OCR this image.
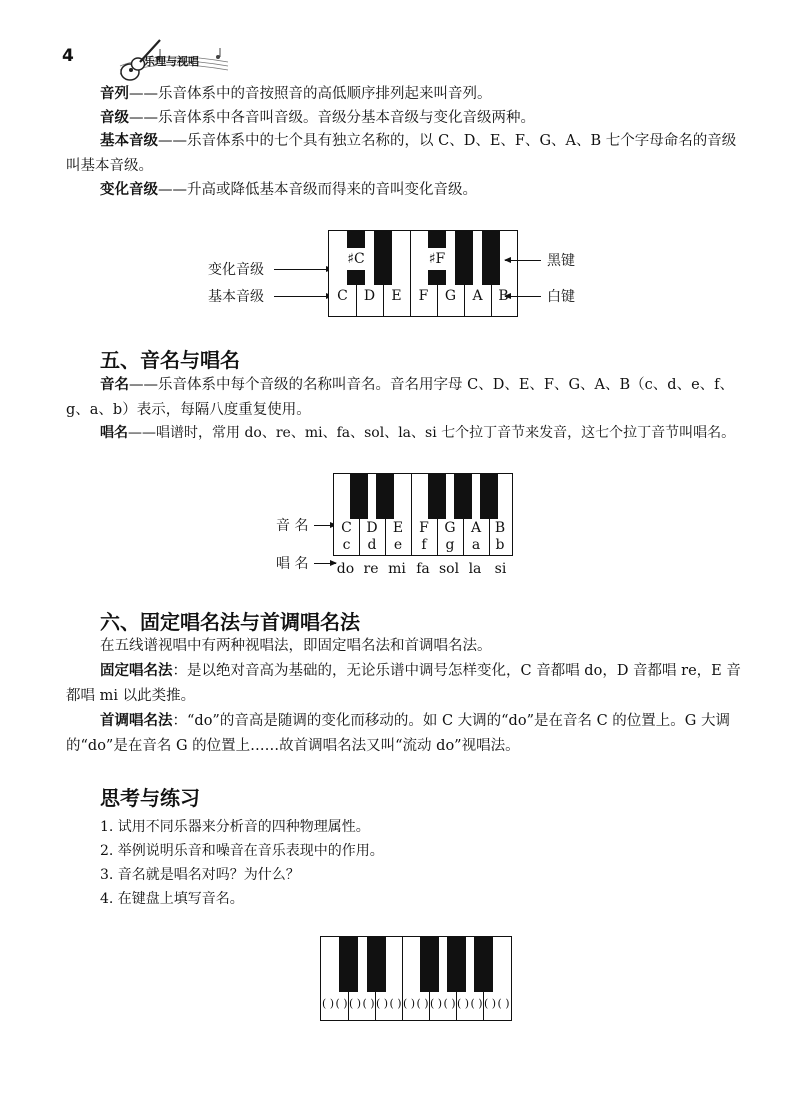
4	乐理与视唱

音列——乐音体系中的音按照音的高低顺序排列起来叫音列。

音级——乐音体系中各音叫音级。音级分基本音级与变化音级两种。

基本音级——乐音体系中的七个具有独立名称的，以 C、D、E、F、G、A、B 七个字母命名的音级叫基本音级。

变化音级——升高或降低基本音级而得来的音叫变化音级。

变化音级
基本音级
♯C	♯F
C	D	E	F	G	A	B
黑键
白键
五、音名与唱名

音名——乐音体系中每个音级的名称叫音名。音名用字母 C、D、E、F、G、A、B（c、d、e、f、g、a、b）表示，每隔八度重复使用。

唱名——唱谱时，常用 do、re、mi、fa、sol、la、si 七个拉丁音节来发音，这七个拉丁音节叫唱名。

音 名
唱 名
C	D	E	F	G	A B
c	d	e	f	g	a	b
do re mi fa sol la si
六、固定唱名法与首调唱名法

在五线谱视唱中有两种视唱法，即固定唱名法和首调唱名法。

固定唱名法：是以绝对音高为基础的，无论乐谱中调号怎样变化，C 音都唱 do，D 音都唱 re，E 音都唱 mi 以此类推。

首调唱名法：“do”的音高是随调的变化而移动的。如 C 大调的“do”是在音名 C 的位置上。G 大调的“do”是在音名 G 的位置上……故首调唱名法又叫“流动 do”视唱法。

思考与练习

1. 试用不同乐器来分析音的四种物理属性。

2. 举例说明乐音和噪音在音乐表现中的作用。

3. 音名就是唱名对吗？为什么？

4. 在键盘上填写音名。

( ) ( ) ( ) ( ) ( ) ( ) ( ) ( ) ( ) ( ) ( ) ( ) ( ) ( )
